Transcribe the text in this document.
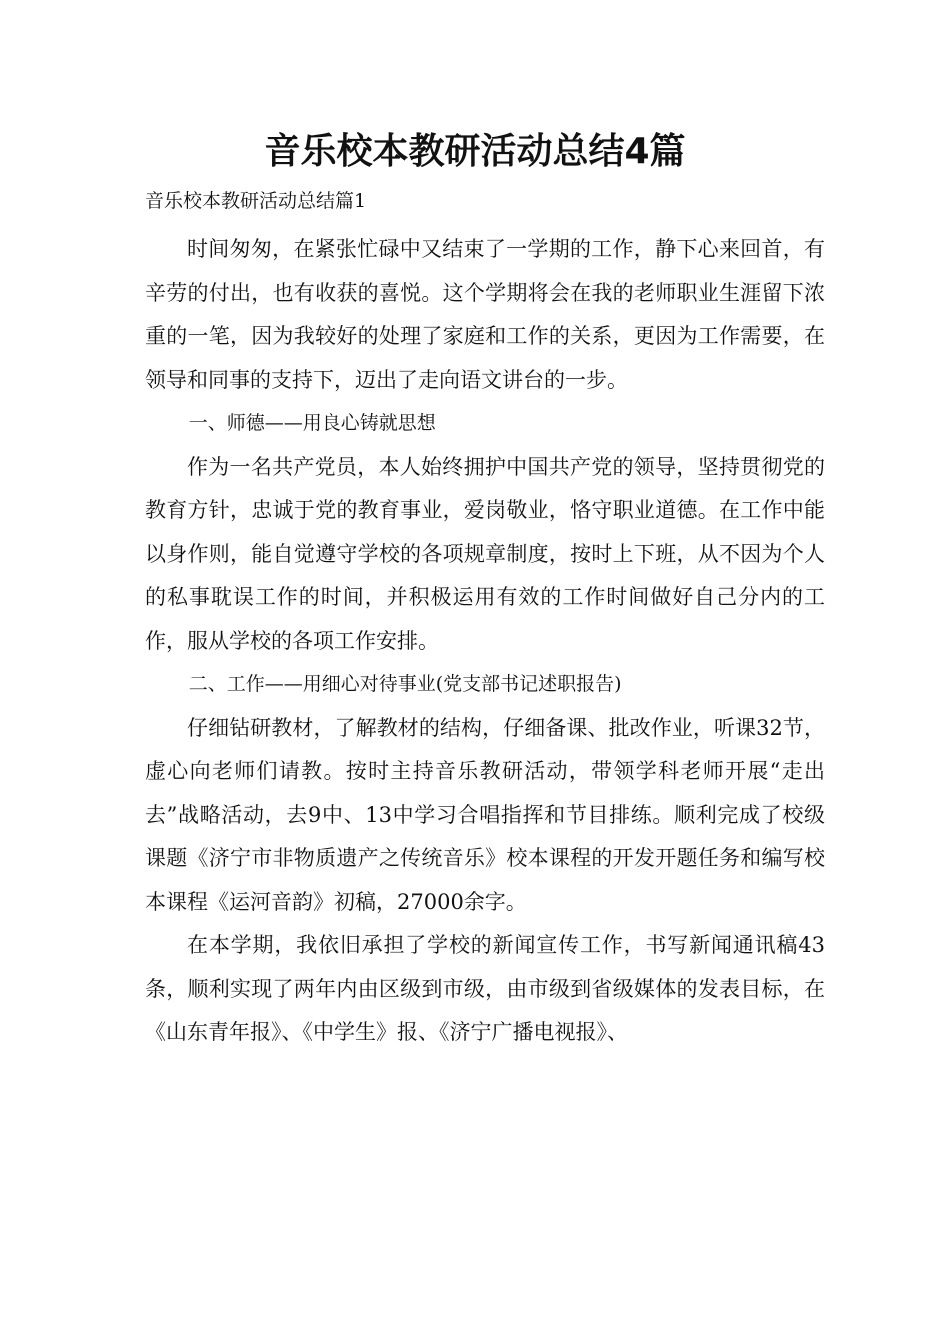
音乐校本教研活动总结4篇

音乐校本教研活动总结篇1

时间匆匆，在紧张忙碌中又结束了一学期的工作，静下心来回首，有辛劳的付出，也有收获的喜悦。这个学期将会在我的老师职业生涯留下浓重的一笔，因为我较好的处理了家庭和工作的关系，更因为工作需要，在领导和同事的支持下，迈出了走向语文讲台的一步。

一、师德——用良心铸就思想

作为一名共产党员，本人始终拥护中国共产党的领导，坚持贯彻党的教育方针，忠诚于党的教育事业，爱岗敬业，恪守职业道德。在工作中能以身作则，能自觉遵守学校的各项规章制度，按时上下班，从不因为个人的私事耽误工作的时间，并积极运用有效的工作时间做好自己分内的工作，服从学校的各项工作安排。

二、工作——用细心对待事业(党支部书记述职报告)

仔细钻研教材，了解教材的结构，仔细备课、批改作业，听课32节，虚心向老师们请教。按时主持音乐教研活动，带领学科老师开展“走出去”战略活动，去9中、13中学习合唱指挥和节目排练。顺利完成了校级课题《济宁市非物质遗产之传统音乐》校本课程的开发开题任务和编写校本课程《运河音韵》初稿，27000余字。

在本学期，我依旧承担了学校的新闻宣传工作，书写新闻通讯稿43条，顺利实现了两年内由区级到市级，由市级到省级媒体的发表目标，在《山东青年报》、《中学生》报、《济宁广播电视报》、
